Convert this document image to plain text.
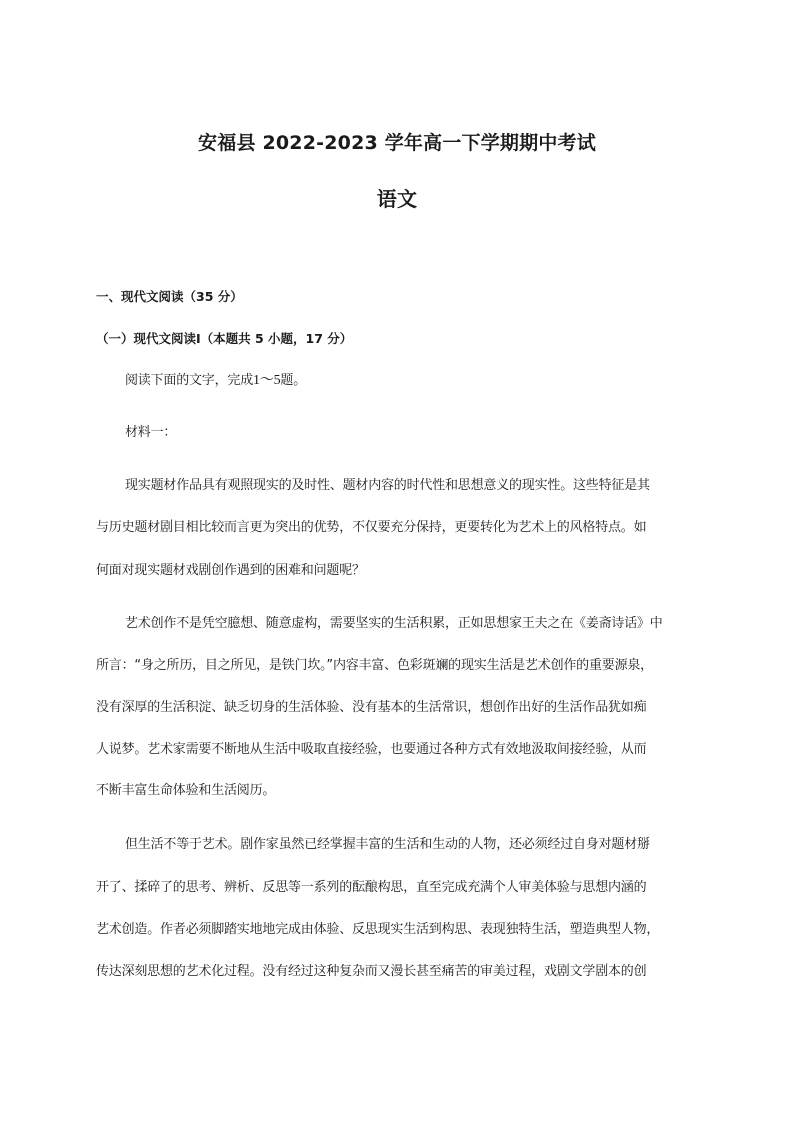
安福县 2022-2023 学年高一下学期期中考试
语文
一、现代文阅读（35 分）
（一）现代文阅读Ⅰ（本题共 5 小题，17 分）
阅读下面的文字，完成1～5题。
材料一：
现实题材作品具有观照现实的及时性、题材内容的时代性和思想意义的现实性。这些特征是其
与历史题材剧目相比较而言更为突出的优势，不仅要充分保持，更要转化为艺术上的风格特点。如
何面对现实题材戏剧创作遇到的困难和问题呢？
艺术创作不是凭空臆想、随意虚构，需要坚实的生活积累，正如思想家王夫之在《姜斋诗话》中
所言：“身之所历，目之所见，是铁门坎。”内容丰富、色彩斑斓的现实生活是艺术创作的重要源泉，
没有深厚的生活积淀、缺乏切身的生活体验、没有基本的生活常识，想创作出好的生活作品犹如痴
人说梦。艺术家需要不断地从生活中吸取直接经验，也要通过各种方式有效地汲取间接经验，从而
不断丰富生命体验和生活阅历。
但生活不等于艺术。剧作家虽然已经掌握丰富的生活和生动的人物，还必须经过自身对题材掰
开了、揉碎了的思考、辨析、反思等一系列的酝酿构思，直至完成充满个人审美体验与思想内涵的
艺术创造。作者必须脚踏实地地完成由体验、反思现实生活到构思、表现独特生活，塑造典型人物，
传达深刻思想的艺术化过程。没有经过这种复杂而又漫长甚至痛苦的审美过程，戏剧文学剧本的创
